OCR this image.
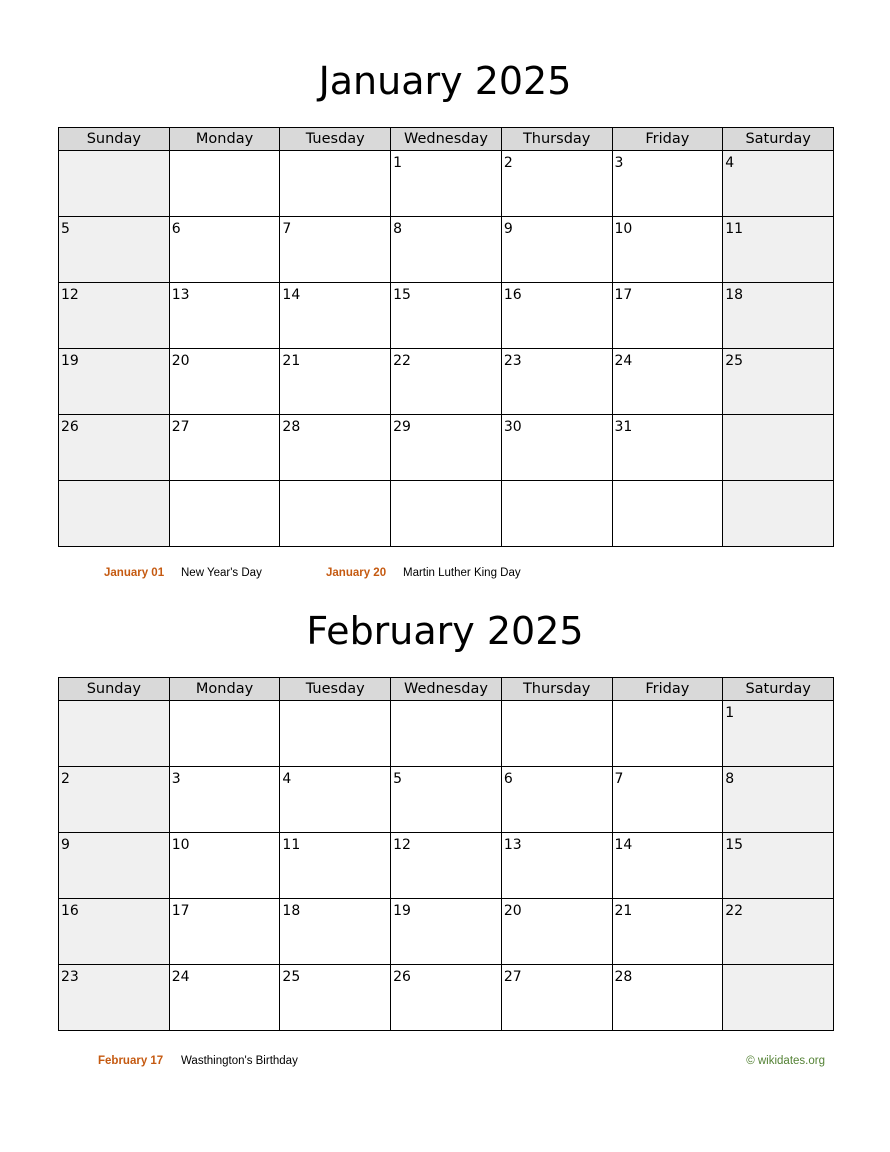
January 2025
Sunday	Monday	Tuesday	Wednesday	Thursday	Friday	Saturday

			1	2	3	4

5	6	7	8	9	10	11

12	13	14	15	16	17	18

19	20	21	22	23	24	25

26	27	28	29	30	31	

January 01 New Year's Day	January 20 Martin Luther King Day
February 2025
Sunday	Monday	Tuesday	Wednesday	Thursday	Friday	Saturday

						1

2	3	4	5	6	7	8

9	10	11	12	13	14	15

16	17	18	19	20	21	22

23	24	25	26	27	28	

February 17 Wasthington's Birthday	© wikidates.org
